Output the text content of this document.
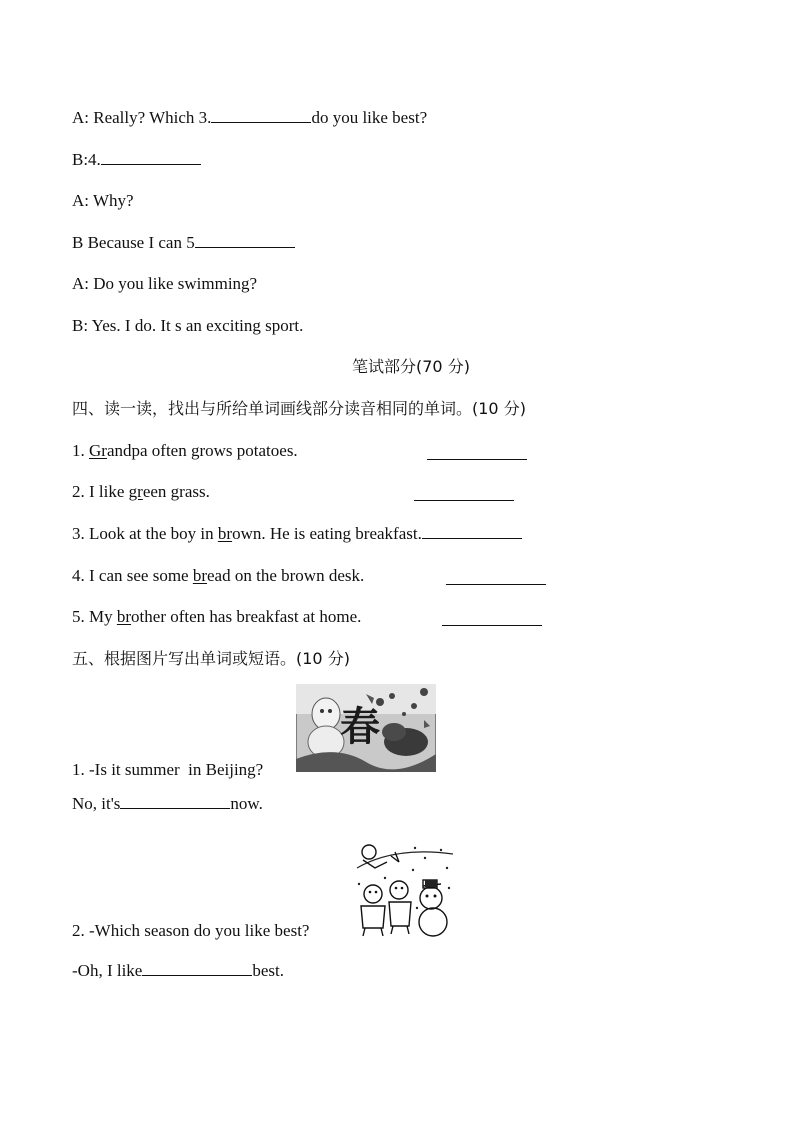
A: Really? Which 3.	do you like best?
B:4.
A: Why?
B Because I can 5
A: Do you like swimming?
B: Yes. I do. It s an exciting sport.
笔试部分(70 分)
四、读一读，找出与所给单词画线部分读音相同的单词。(10 分)
1. Grandpa often grows potatoes.
2. I like green grass.
3. Look at the boy in brown. He is eating breakfast.
4. I can see some bread on the brown desk.
5. My brother often has breakfast at home.
五、根据图片写出单词或短语。(10 分)
春
1. -Is it summer  in Beijing?
No, it's	now.
2. -Which season do you like best?
-Oh, I like	best.
